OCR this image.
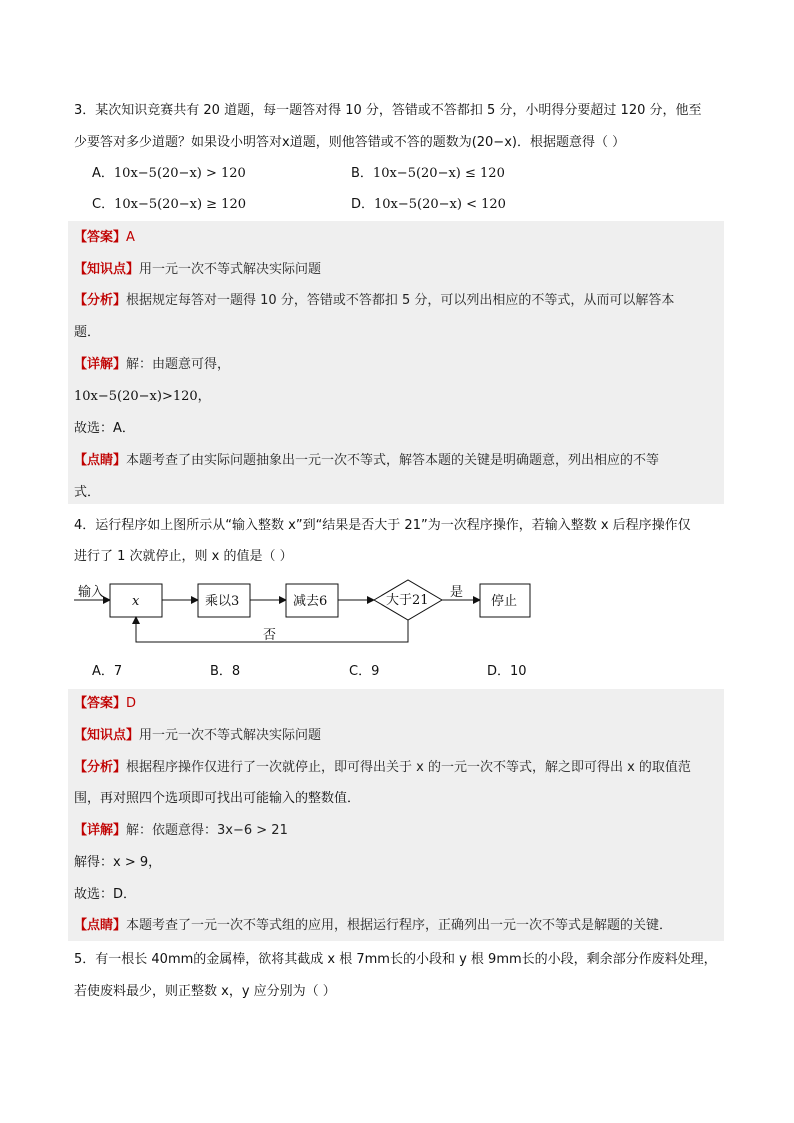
3．某次知识竞赛共有 20 道题，每一题答对得 10 分，答错或不答都扣 5 分，小明得分要超过 120 分，他至
少要答对多少道题？如果设小明答对x道题，则他答错或不答的题数为(20−x)．根据题意得（ ）
A．10x−5(20−x) > 120	B．10x−5(20−x) ≤ 120
C．10x−5(20−x) ≥ 120	D．10x−5(20−x) < 120
【答案】A
【知识点】用一元一次不等式解决实际问题
【分析】根据规定每答对一题得 10 分，答错或不答都扣 5 分，可以列出相应的不等式，从而可以解答本
题．
【详解】解：由题意可得，
10x−5(20−x)>120，
故选：A．
【点睛】本题考查了由实际问题抽象出一元一次不等式，解答本题的关键是明确题意，列出相应的不等
式．
4．运行程序如上图所示从“输入整数 x”到“结果是否大于 21”为一次程序操作，若输入整数 x 后程序操作仅
进行了 1 次就停止，则 x 的值是（ ）
输入
x	乘以3	减去6	大于21
是
停止
否
A．7	B．8	C．9	D．10
【答案】D
【知识点】用一元一次不等式解决实际问题
【分析】根据程序操作仅进行了一次就停止，即可得出关于 x 的一元一次不等式，解之即可得出 x 的取值范
围，再对照四个选项即可找出可能输入的整数值．
【详解】解：依题意得：3x−6 > 21
解得：x > 9，
故选：D．
【点睛】本题考查了一元一次不等式组的应用，根据运行程序，正确列出一元一次不等式是解题的关键．
5．有一根长 40mm的金属棒，欲将其截成 x 根 7mm长的小段和 y 根 9mm长的小段，剩余部分作废料处理，
若使废料最少，则正整数 x，y 应分别为（ ）
